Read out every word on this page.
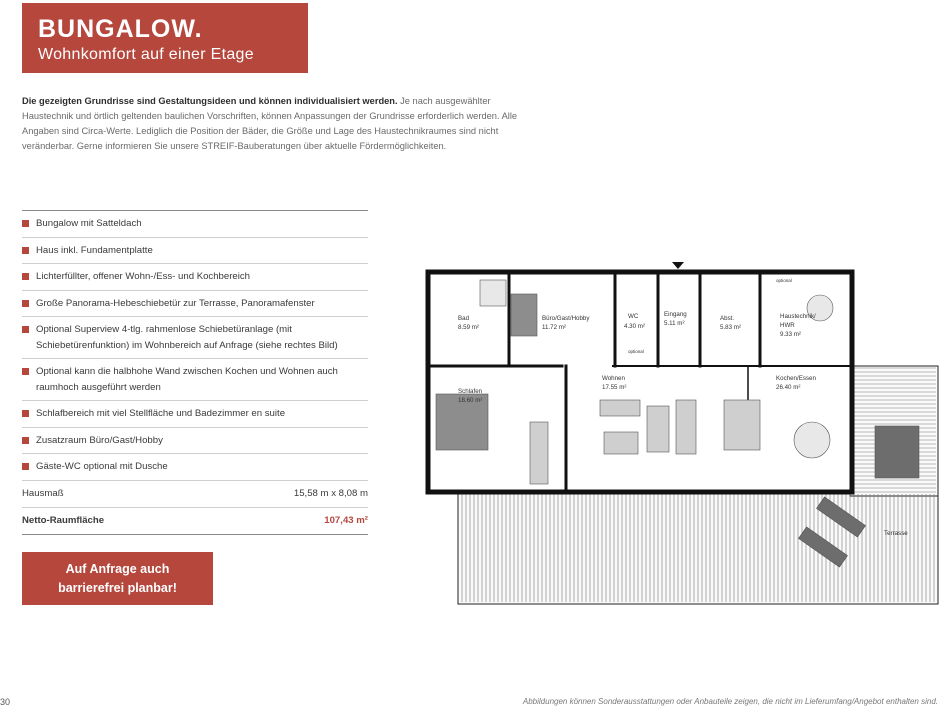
BUNGALOW.
Wohnkomfort auf einer Etage
Die gezeigten Grundrisse sind Gestaltungsideen und können individualisiert werden. Je nach ausgewählter Haustechnik und örtlich geltenden baulichen Vorschriften, können Anpassungen der Grundrisse erforderlich werden. Alle Angaben sind Circa-Werte. Lediglich die Position der Bäder, die Größe und Lage des Haustechnikraumes sind nicht veränderbar. Gerne informieren Sie unsere STREIF-Bauberatungen über aktuelle Fördermöglichkeiten.
Bungalow mit Satteldach
Haus inkl. Fundamentplatte
Lichterfüllter, offener Wohn-/Ess- und Kochbereich
Große Panorama-Hebeschiebetür zur Terrasse, Panoramafenster
Optional Superview 4-tlg. rahmenlose Schiebetüranlage (mit Schiebetürenfunktion) im Wohnbereich auf Anfrage (siehe rechtes Bild)
Optional kann die halbhohe Wand zwischen Kochen und Wohnen auch raumhoch ausgeführt werden
Schlafbereich mit viel Stellfläche und Badezimmer en suite
Zusatzraum Büro/Gast/Hobby
Gäste-WC optional mit Dusche
Hausmaß	15,58 m x 8,08 m
Netto-Raumfläche	107,43 m²
Auf Anfrage auch
barrierefrei planbar!
Bad
8.59 m²
Büro/Gast/Hobby
11.72 m²
WC
4.30 m²
Eingang
5.11 m²
Abst.
5.83 m²
Haustechnik/
HWR
9.33 m²
Schlafen
18.60 m²
Wohnen
17.55 m²
Kochen/Essen
26.40 m²
Terrasse
optional
optional
30	Abbildungen können Sonderausstattungen oder Anbauteile zeigen, die nicht im Lieferumfang/Angebot enthalten sind.
